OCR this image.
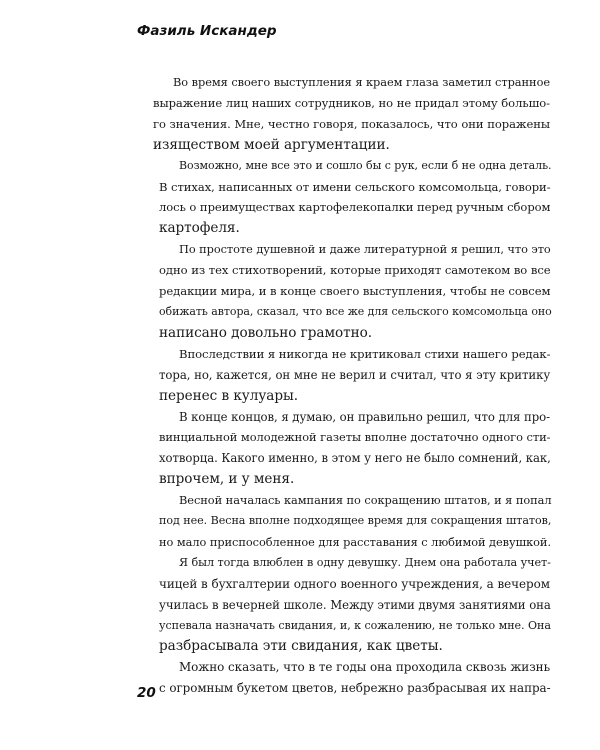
Фазиль Искандер

Во время своего выступления я краем глаза заметил странное
выражение лиц наших сотрудников, но не придал этому большо-
го значения. Мне, честно говоря, показалось, что они поражены
изяществом моей аргументации.

Возможно, мне все это и сошло бы с рук, если б не одна деталь.
В стихах, написанных от имени сельского комсомольца, говори-
лось о преимуществах картофелекопалки перед ручным сбором
картофеля.

По простоте душевной и даже литературной я решил, что это
одно из тех стихотворений, которые приходят самотеком во все
редакции мира, и в конце своего выступления, чтобы не совсем
обижать автора, сказал, что все же для сельского комсомольца оно
написано довольно грамотно.

Впоследствии я никогда не критиковал стихи нашего редак-
тора, но, кажется, он мне не верил и считал, что я эту критику
перенес в кулуары.

В конце концов, я думаю, он правильно решил, что для про-
винциальной молодежной газеты вполне достаточно одного сти-
хотворца. Какого именно, в этом у него не было сомнений, как,
впрочем, и у меня.

Весной началась кампания по сокращению штатов, и я попал
под нее. Весна вполне подходящее время для сокращения штатов,
но мало приспособленное для расставания с любимой девушкой.

Я был тогда влюблен в одну девушку. Днем она работала учет-
чицей в бухгалтерии одного военного учреждения, а вечером
училась в вечерней школе. Между этими двумя занятиями она
успевала назначать свидания, и, к сожалению, не только мне. Она
разбрасывала эти свидания, как цветы.

Можно сказать, что в те годы она проходила сквозь жизнь
с огромным букетом цветов, небрежно разбрасывая их напра-

20
